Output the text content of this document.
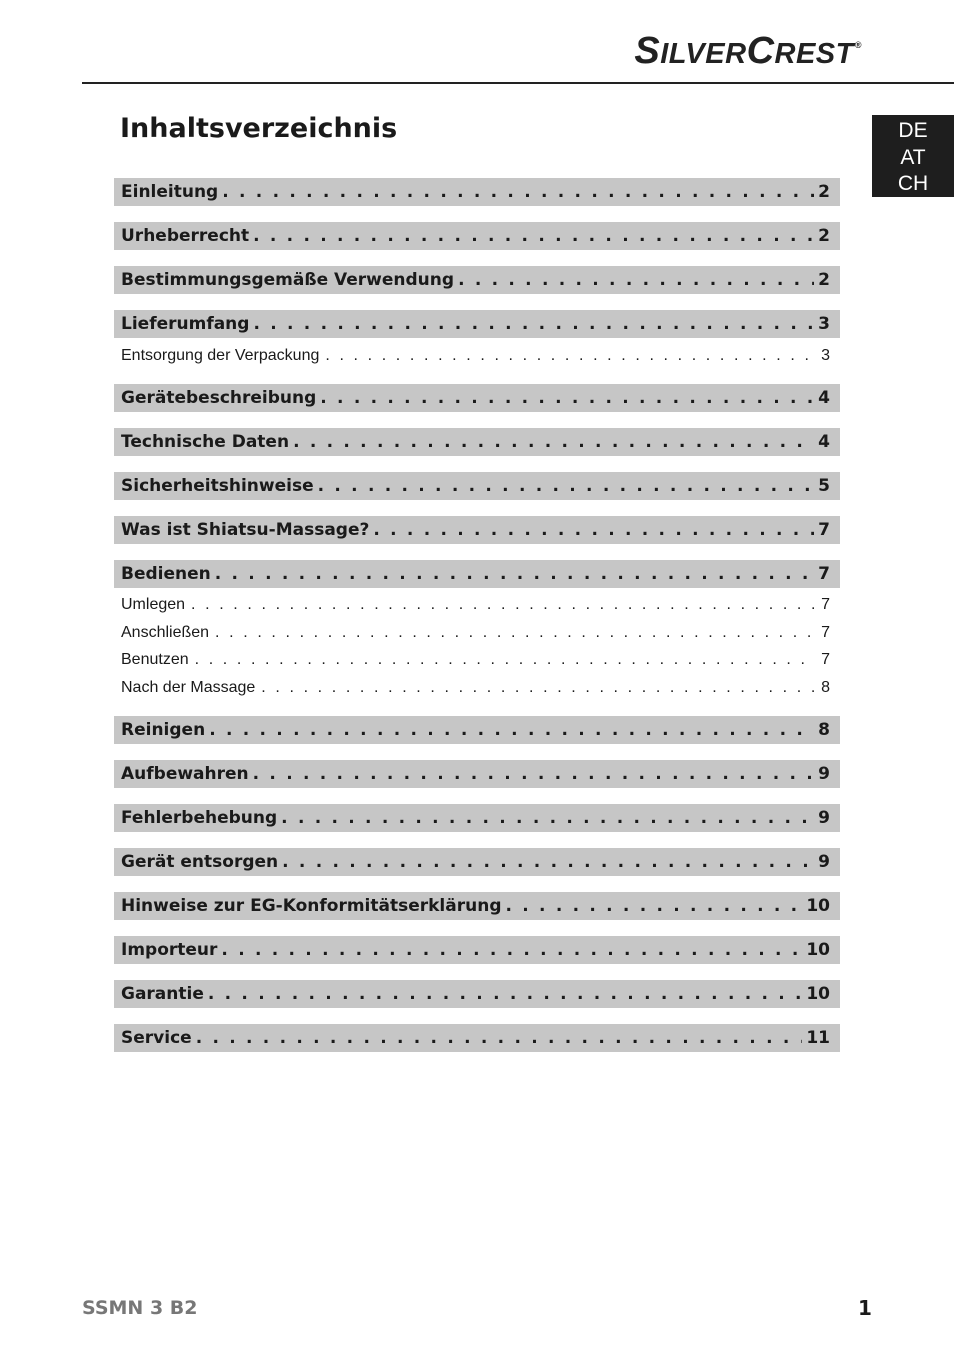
SILVERCREST®
DE
AT
CH
Inhaltsverzeichnis
Einleitung . . .	2
Urheberrecht . . .	2
Bestimmungsgemäße Verwendung . . .	2
Lieferumfang . . .	3
Entsorgung der Verpackung . . .	3
Gerätebeschreibung . . .	4
Technische Daten . . .	4
Sicherheitshinweise . . .	5
Was ist Shiatsu-Massage? . . .	7
Bedienen . . .	7
Umlegen . . .	7
Anschließen . . .	7
Benutzen . . .	7
Nach der Massage . . .	8
Reinigen . . .	8
Aufbewahren . . .	9
Fehlerbehebung . . .	9
Gerät entsorgen . . .	9
Hinweise zur EG-Konformitätserklärung . . .	10
Importeur . . .	10
Garantie . . .	10
Service . . .	11
SSMN 3 B2	1
